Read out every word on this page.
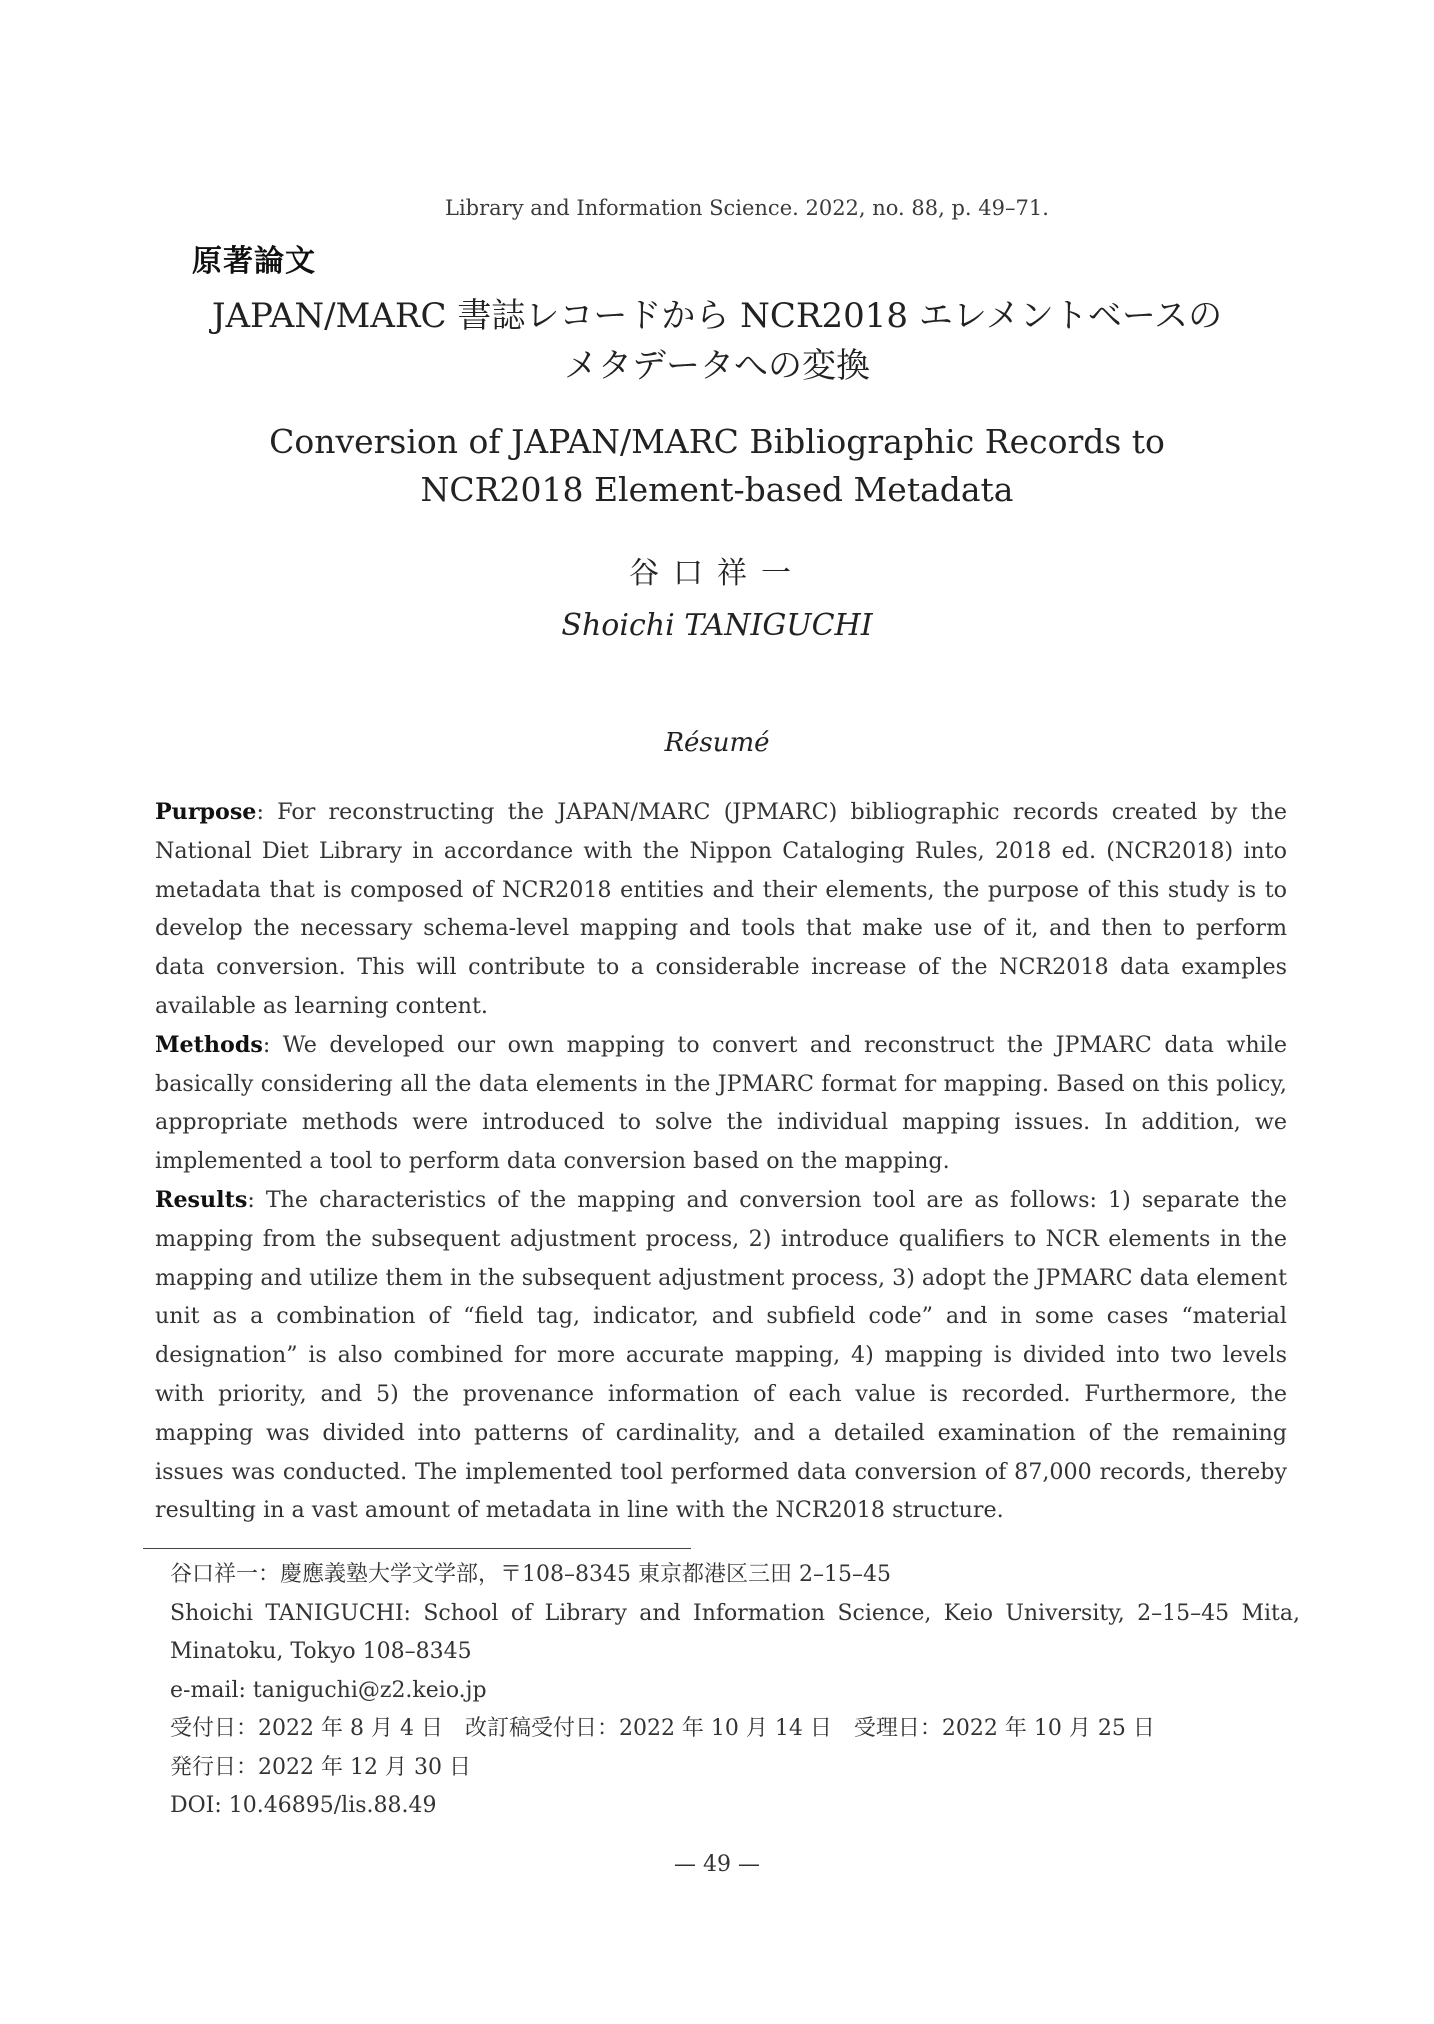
Library and Information Science. 2022, no. 88, p. 49–71.
原著論文
JAPAN/MARC 書誌レコードから NCR2018 エレメントベースの
メタデータへの変換
Conversion of JAPAN/MARC Bibliographic Records to
NCR2018 Element-based Metadata
谷口祥一
Shoichi TANIGUCHI
Résumé

Purpose: For reconstructing the JAPAN/MARC (JPMARC) bibliographic records created by the National Diet Library in accordance with the Nippon Cataloging Rules, 2018 ed. (NCR2018) into metadata that is composed of NCR2018 entities and their elements, the purpose of this study is to develop the necessary schema-level mapping and tools that make use of it, and then to perform data conversion. This will contribute to a considerable increase of the NCR2018 data examples available as learning content.

Methods: We developed our own mapping to convert and reconstruct the JPMARC data while basically considering all the data elements in the JPMARC format for mapping. Based on this policy, appropriate methods were introduced to solve the individual mapping issues. In addition, we implemented a tool to perform data conversion based on the mapping.

Results: The characteristics of the mapping and conversion tool are as follows: 1) separate the mapping from the subsequent adjustment process, 2) introduce qualifiers to NCR elements in the mapping and utilize them in the subsequent adjustment process, 3) adopt the JPMARC data element unit as a combination of “field tag, indicator, and subfield code” and in some cases “material designation” is also combined for more accurate mapping, 4) mapping is divided into two levels with priority, and 5) the provenance information of each value is recorded. Furthermore, the mapping was divided into patterns of cardinality, and a detailed examination of the remaining issues was conducted. The implemented tool performed data conversion of 87,000 records, thereby resulting in a vast amount of metadata in line with the NCR2018 structure.

谷口祥一：慶應義塾大学文学部，〒108–8345 東京都港区三田 2–15–45
Shoichi TANIGUCHI: School of Library and Information Science, Keio University, 2–15–45 Mita, Minatoku, Tokyo 108–8345
e-mail: taniguchi@z2.keio.jp
受付日：2022 年 8 月 4 日　改訂稿受付日：2022 年 10 月 14 日　受理日：2022 年 10 月 25 日
発行日：2022 年 12 月 30 日
DOI: 10.46895/lis.88.49
— 49 —
